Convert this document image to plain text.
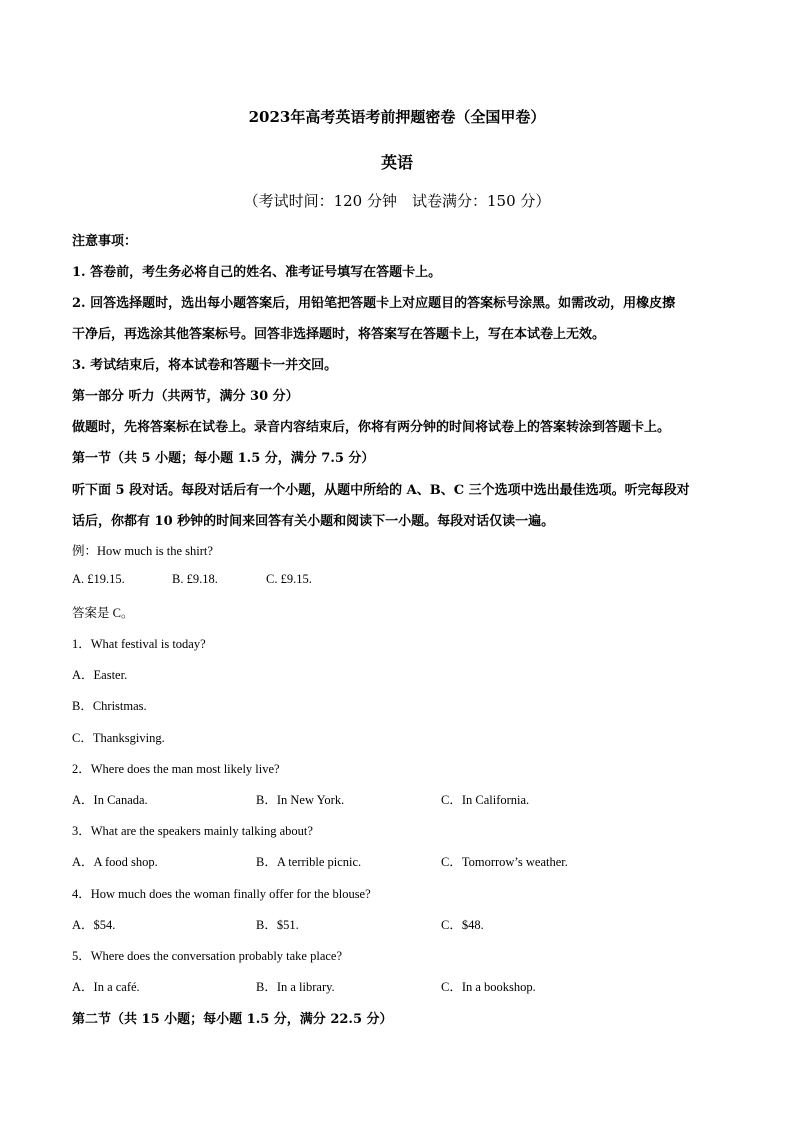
2023年高考英语考前押题密卷（全国甲卷）
英语
（考试时间：120 分钟　试卷满分：150 分）
注意事项：
1. 答卷前，考生务必将自己的姓名、准考证号填写在答题卡上。
2. 回答选择题时，选出每小题答案后，用铅笔把答题卡上对应题目的答案标号涂黑。如需改动，用橡皮擦
干净后，再选涂其他答案标号。回答非选择题时，将答案写在答题卡上，写在本试卷上无效。
3. 考试结束后，将本试卷和答题卡一并交回。
第一部分 听力（共两节，满分 30 分）
做题时，先将答案标在试卷上。录音内容结束后，你将有两分钟的时间将试卷上的答案转涂到答题卡上。
第一节（共 5 小题；每小题 1.5 分，满分 7.5 分）
听下面 5 段对话。每段对话后有一个小题，从题中所给的 A、B、C 三个选项中选出最佳选项。听完每段对
话后，你都有 10 秒钟的时间来回答有关小题和阅读下一小题。每段对话仅读一遍。
例：How much is the shirt?
A. £19.15.	B. £9.18.	C. £9.15.
答案是 C。
1．What festival is today?
A．Easter.
B．Christmas.
C．Thanksgiving.
2．Where does the man most likely live?
A．In Canada.	B．In New York.	C．In California.
3．What are the speakers mainly talking about?
A．A food shop.	B．A terrible picnic.	C．Tomorrow’s weather.
4．How much does the woman finally offer for the blouse?
A．$54.	B．$51.	C．$48.
5．Where does the conversation probably take place?
A．In a café.	B．In a library.	C．In a bookshop.
第二节（共 15 小题；每小题 1.5 分，满分 22.5 分）
